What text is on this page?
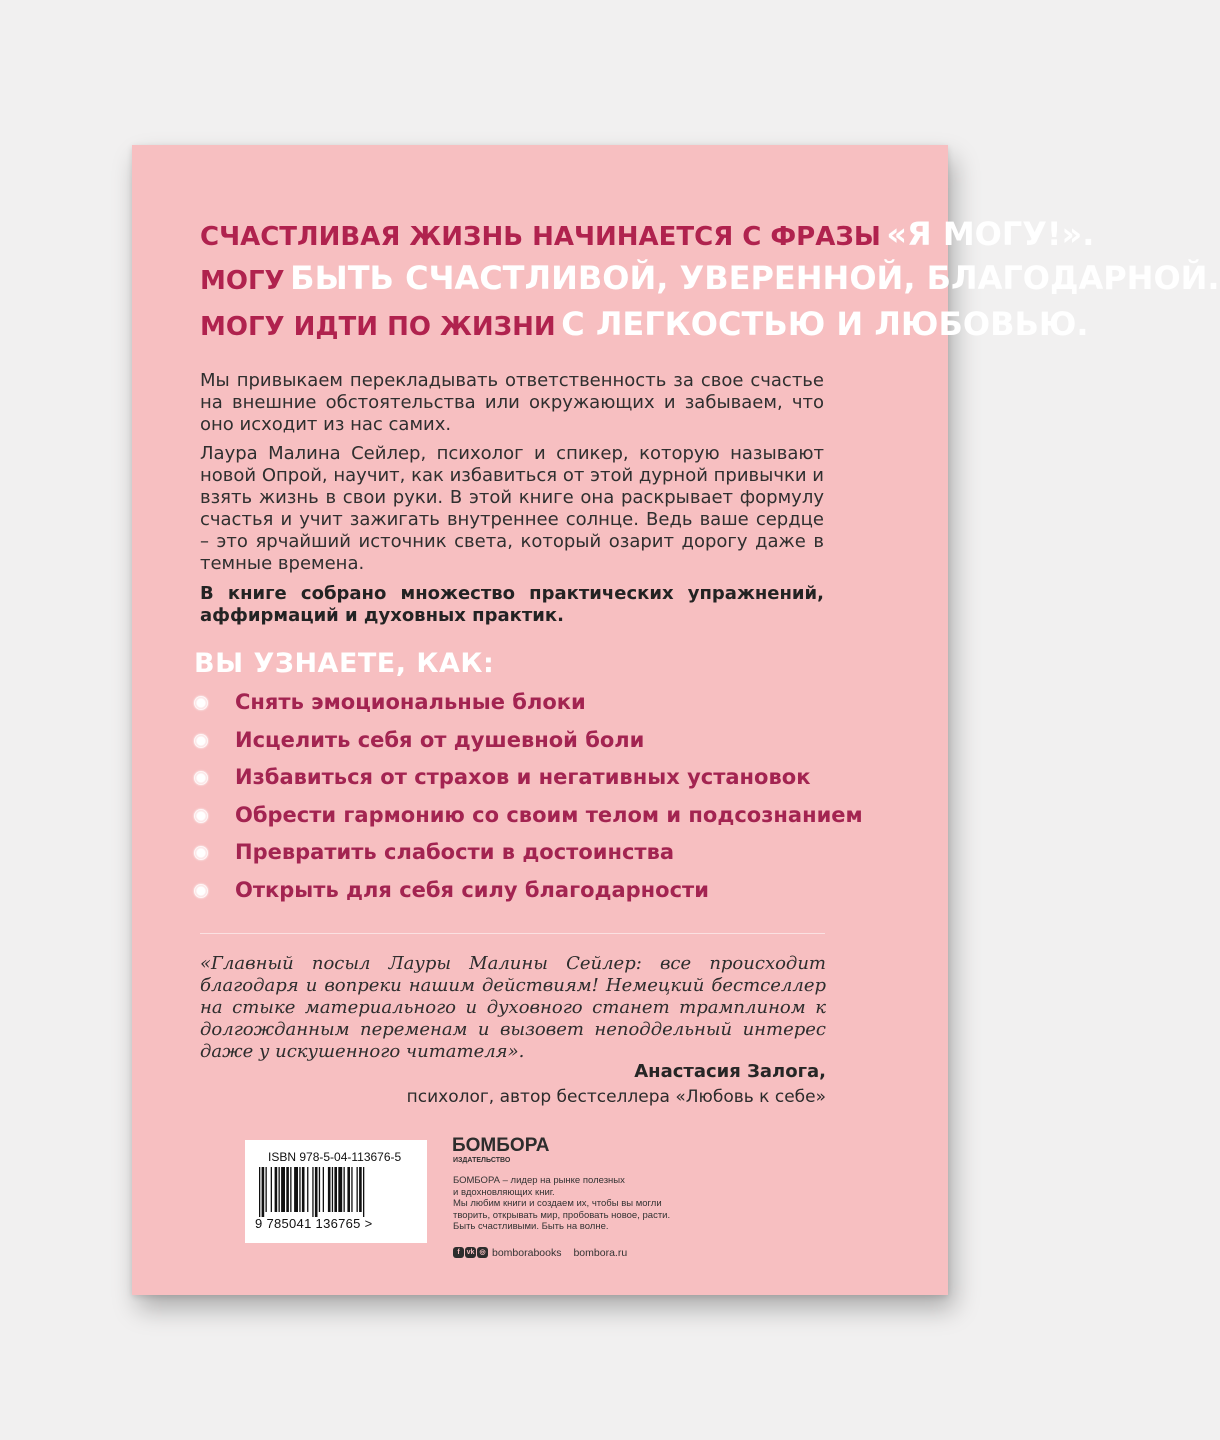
СЧАСТЛИВАЯ ЖИЗНЬ НАЧИНАЕТСЯ С ФРАЗЫ «Я МОГУ!».

МОГУ БЫТЬ СЧАСТЛИВОЙ, УВЕРЕННОЙ, БЛАГОДАРНОЙ.

МОГУ ИДТИ ПО ЖИЗНИ С ЛЕГКОСТЬЮ И ЛЮБОВЬЮ.

Мы привыкаем перекладывать ответственность за свое счастье на внешние обстоятельства или окружающих и забываем, что оно исходит из нас самих.

Лаура Малина Сейлер, психолог и спикер, которую называют новой Опрой, научит, как избавиться от этой дурной привычки и взять жизнь в свои руки. В этой книге она раскрывает формулу счастья и учит зажигать внутреннее солнце. Ведь ваше сердце – это ярчайший источник света, который озарит дорогу даже в темные времена.

В книге собрано множество практических упражнений, аффирмаций и духовных практик.

ВЫ УЗНАЕТЕ, КАК:
Снять эмоциональные блоки
Исцелить себя от душевной боли
Избавиться от страхов и негативных установок
Обрести гармонию со своим телом и подсознанием
Превратить слабости в достоинства
Открыть для себя силу благодарности

«Главный посыл Лауры Малины Сейлер: все происходит благодаря и вопреки нашим действиям! Немецкий бестселлер на стыке материального и духовного станет трамплином к долгожданным переменам и вызовет неподдельный интерес даже у искушенного читателя».

Анастасия Залога,
психолог, автор бестселлера «Любовь к себе»
ISBN 978-5-04-113676-5
9 785041 136765 >
БОМБОРА
ИЗДАТЕЛЬСТВО

БОМБОРА – лидер на рынке полезных
и вдохновляющих книг.
Мы любим книги и создаем их, чтобы вы могли
творить, открывать мир, пробовать новое, расти.
Быть счастливыми. Быть на волне.

f vk ◎ bomborabooks bombora.ru
